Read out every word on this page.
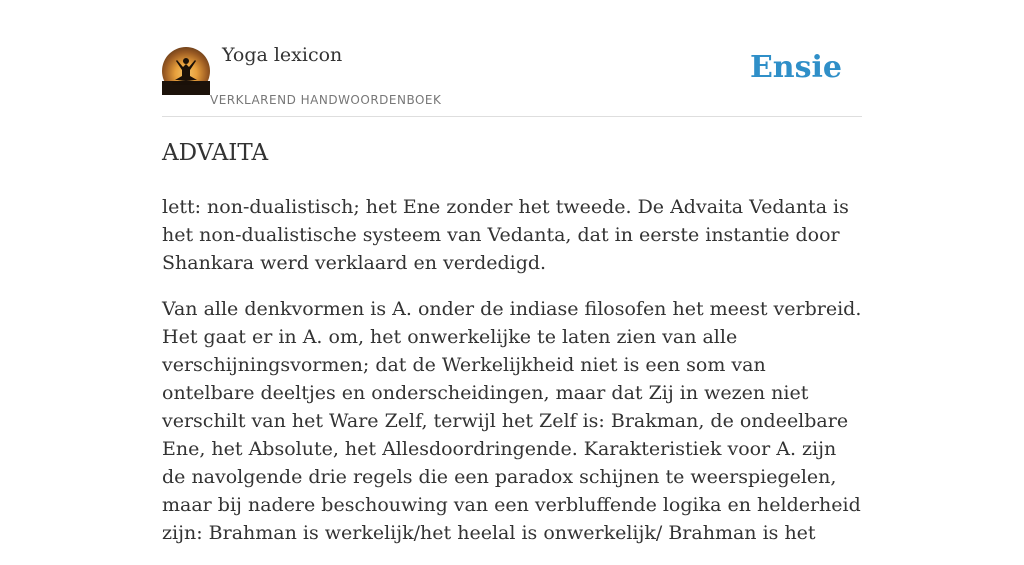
Yoga lexicon
VERKLAREND HANDWOORDENBOEK
Ensie
ADVAITA

lett: non-dualistisch; het Ene zonder het tweede. De Advaita Vedanta is het non-dualistische systeem van Vedanta, dat in eerste instantie door Shankara werd verklaard en verdedigd.

Van alle denkvormen is A. onder de indiase filosofen het meest verbreid. Het gaat er in A. om, het onwerkelijke te laten zien van alle verschijningsvormen; dat de Werkelijkheid niet is een som van ontelbare deeltjes en onderscheidingen, maar dat Zij in wezen niet verschilt van het Ware Zelf, terwijl het Zelf is: Brakman, de ondeelbare Ene, het Absolute, het Allesdoordringende. Karakteristiek voor A. zijn de navolgende drie regels die een paradox schijnen te weerspiegelen, maar bij nadere beschouwing van een verbluffende logika en helderheid zijn: Brahman is werkelijk/het heelal is onwerkelijk/ Brahman is het
